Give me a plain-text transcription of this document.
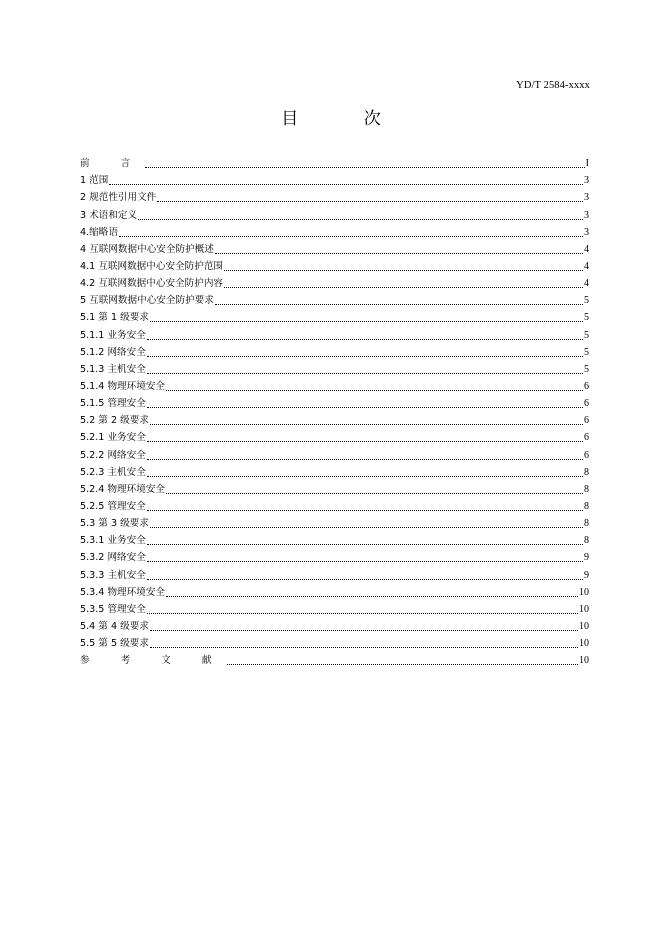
YD/T 2584-xxxx
目 次
前 言	I
1 范围	3
2 规范性引用文件	3
3 术语和定义	3
4.缩略语	3
4 互联网数据中心安全防护概述	4
4.1 互联网数据中心安全防护范围	4
4.2 互联网数据中心安全防护内容	4
5 互联网数据中心安全防护要求	5
5.1 第 1 级要求	5
5.1.1 业务安全	5
5.1.2 网络安全	5
5.1.3 主机安全	5
5.1.4 物理环境安全	6
5.1.5 管理安全	6
5.2 第 2 级要求	6
5.2.1 业务安全	6
5.2.2 网络安全	6
5.2.3 主机安全	8
5.2.4 物理环境安全	8
5.2.5 管理安全	8
5.3 第 3 级要求	8
5.3.1 业务安全	8
5.3.2 网络安全	9
5.3.3 主机安全	9
5.3.4 物理环境安全	10
5.3.5 管理安全	10
5.4 第 4 级要求	10
5.5 第 5 级要求	10
参 考 文 献	10
